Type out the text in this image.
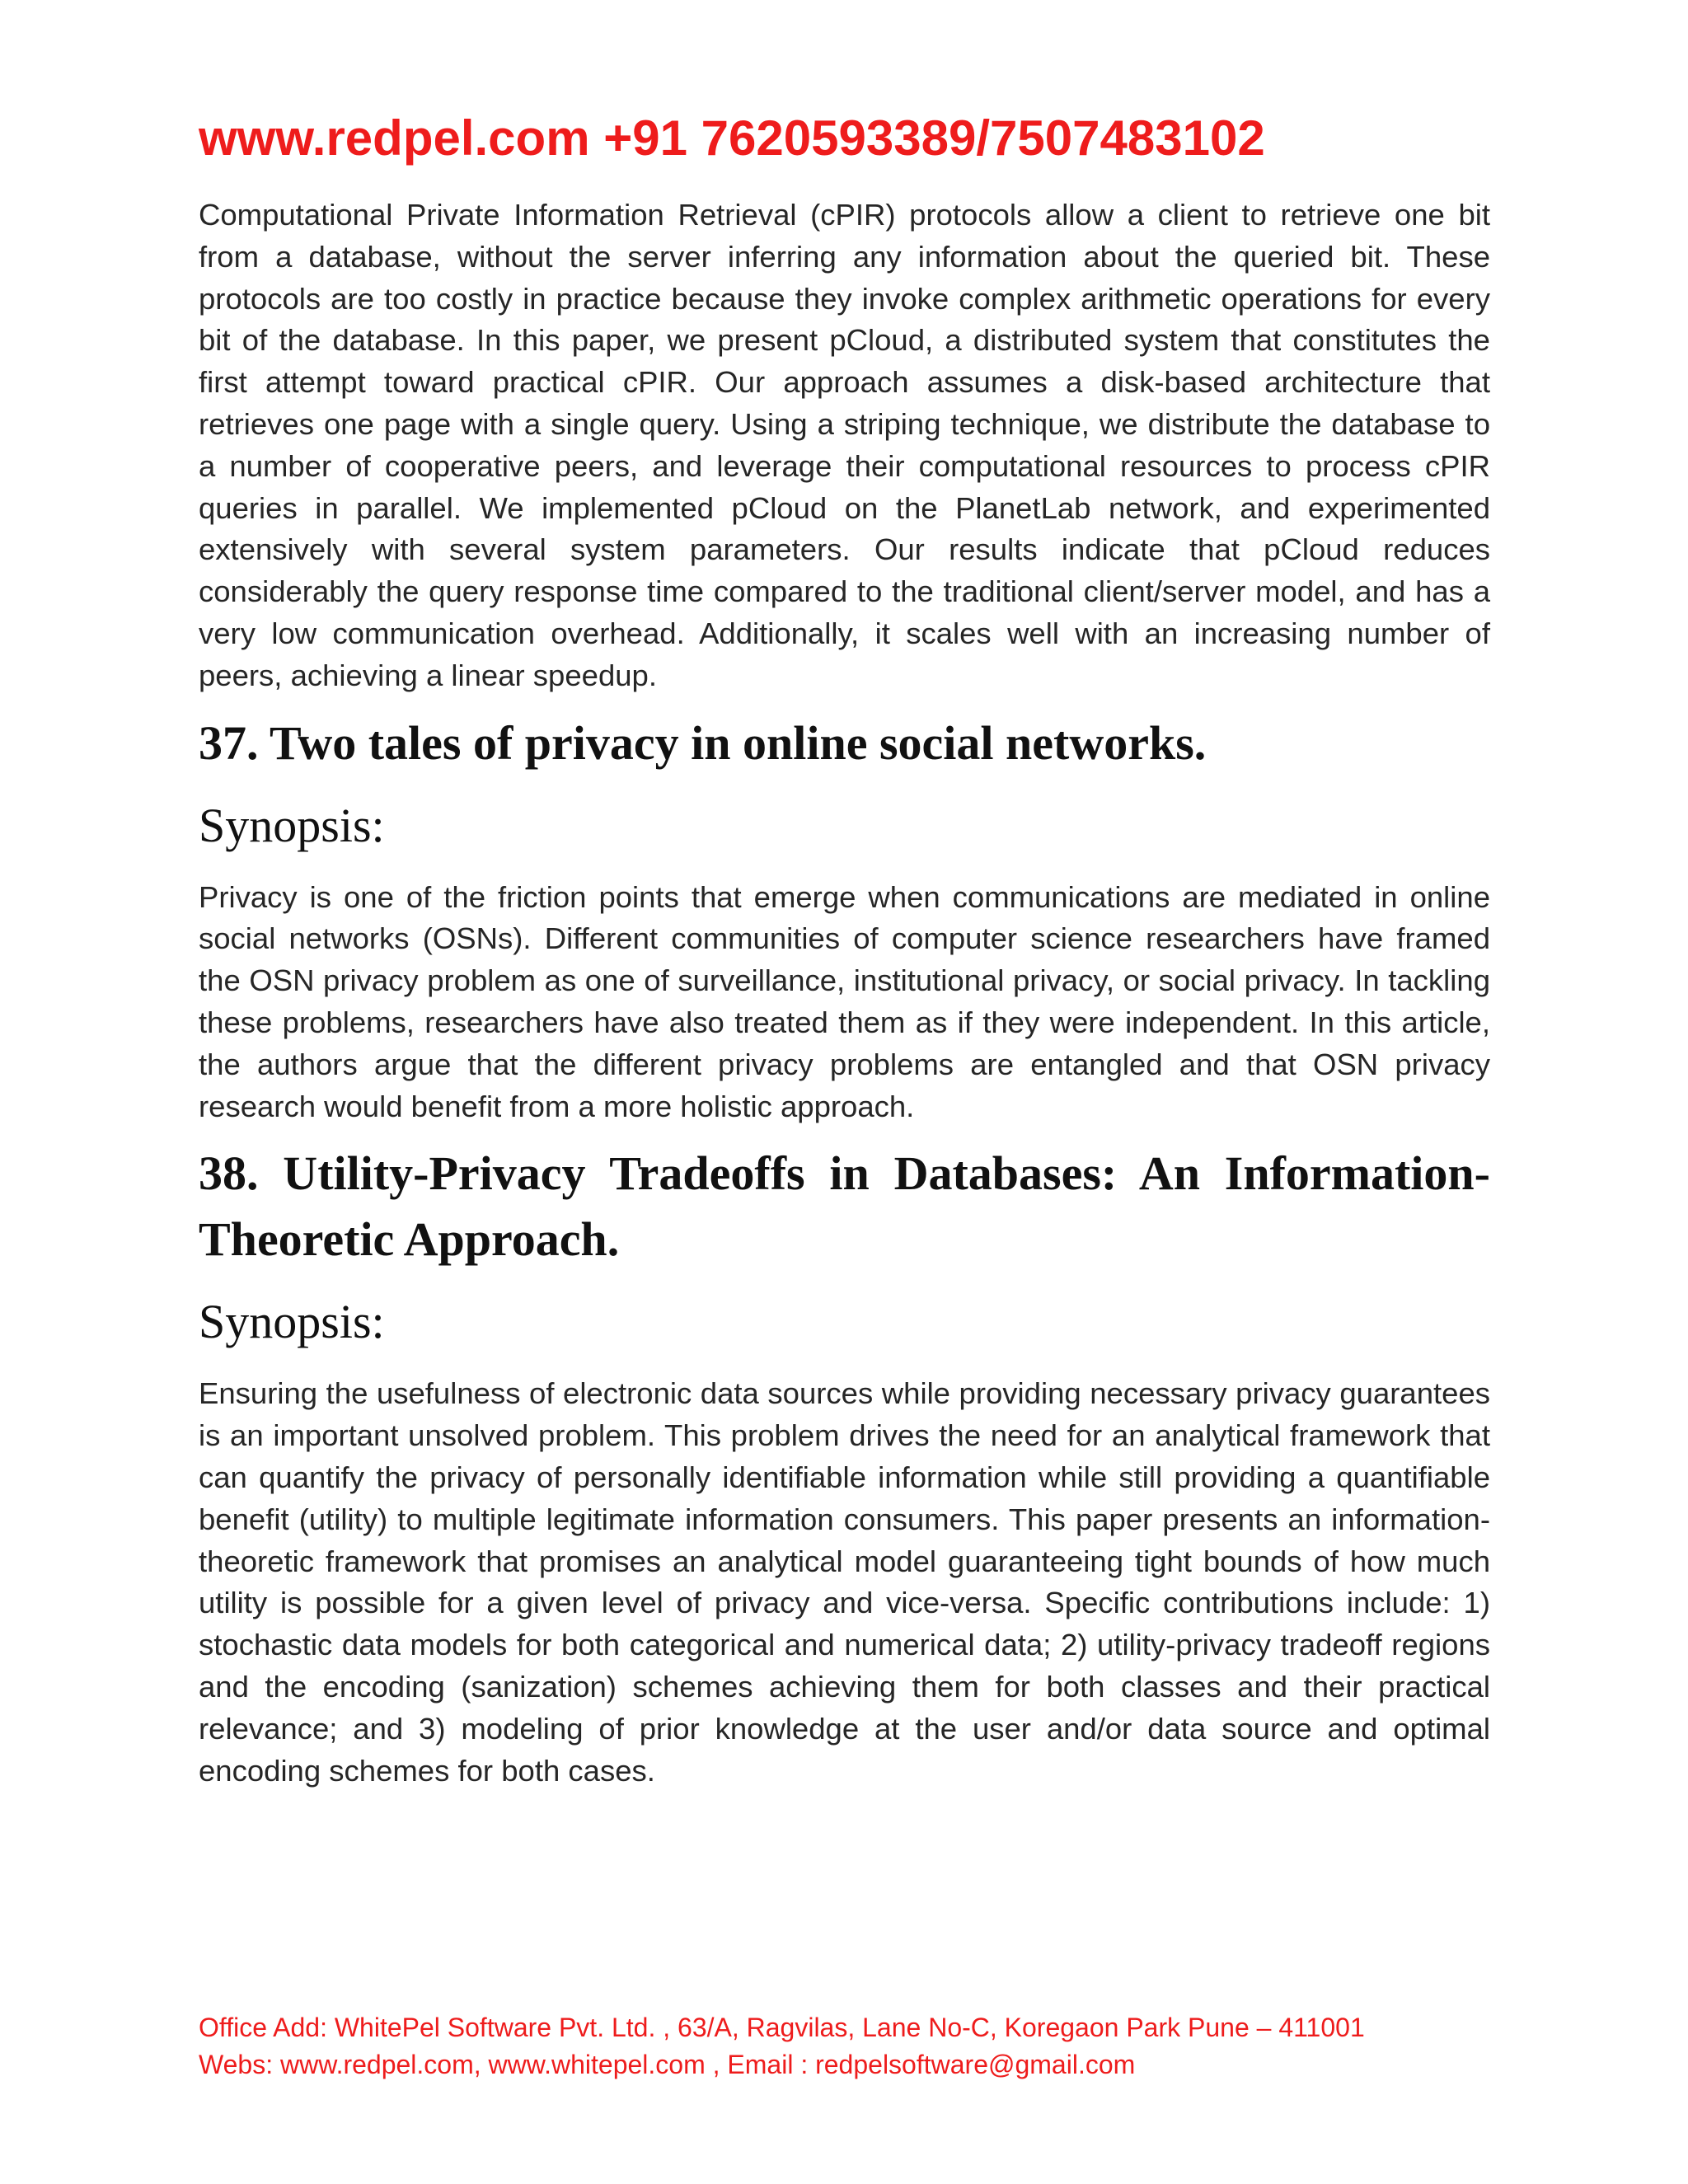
www.redpel.com +91 7620593389/7507483102

Computational Private Information Retrieval (cPIR) protocols allow a client to retrieve one bit from a database, without the server inferring any information about the queried bit. These protocols are too costly in practice because they invoke complex arithmetic operations for every bit of the database. In this paper, we present pCloud, a distributed system that constitutes the first attempt toward practical cPIR. Our approach assumes a disk-based architecture that retrieves one page with a single query. Using a striping technique, we distribute the database to a number of cooperative peers, and leverage their computational resources to process cPIR queries in parallel. We implemented pCloud on the PlanetLab network, and experimented extensively with several system parameters. Our results indicate that pCloud reduces considerably the query response time compared to the traditional client/server model, and has a very low communication overhead. Additionally, it scales well with an increasing number of peers, achieving a linear speedup.

37. Two tales of privacy in online social networks.

Synopsis:

Privacy is one of the friction points that emerge when communications are mediated in online social networks (OSNs). Different communities of computer science researchers have framed the OSN privacy problem as one of surveillance, institutional privacy, or social privacy. In tackling these problems, researchers have also treated them as if they were independent. In this article, the authors argue that the different privacy problems are entangled and that OSN privacy research would benefit from a more holistic approach.

38. Utility-Privacy Tradeoffs in Databases: An Information-Theoretic Approach.

Synopsis:

Ensuring the usefulness of electronic data sources while providing necessary privacy guarantees is an important unsolved problem. This problem drives the need for an analytical framework that can quantify the privacy of personally identifiable information while still providing a quantifiable benefit (utility) to multiple legitimate information consumers. This paper presents an information-theoretic framework that promises an analytical model guaranteeing tight bounds of how much utility is possible for a given level of privacy and vice-versa. Specific contributions include: 1) stochastic data models for both categorical and numerical data; 2) utility-privacy tradeoff regions and the encoding (sanization) schemes achieving them for both classes and their practical relevance; and 3) modeling of prior knowledge at the user and/or data source and optimal encoding schemes for both cases.

Office Add: WhitePel Software Pvt. Ltd. , 63/A, Ragvilas, Lane No-C, Koregaon Park Pune – 411001

Webs: www.redpel.com, www.whitepel.com , Email : redpelsoftware@gmail.com
